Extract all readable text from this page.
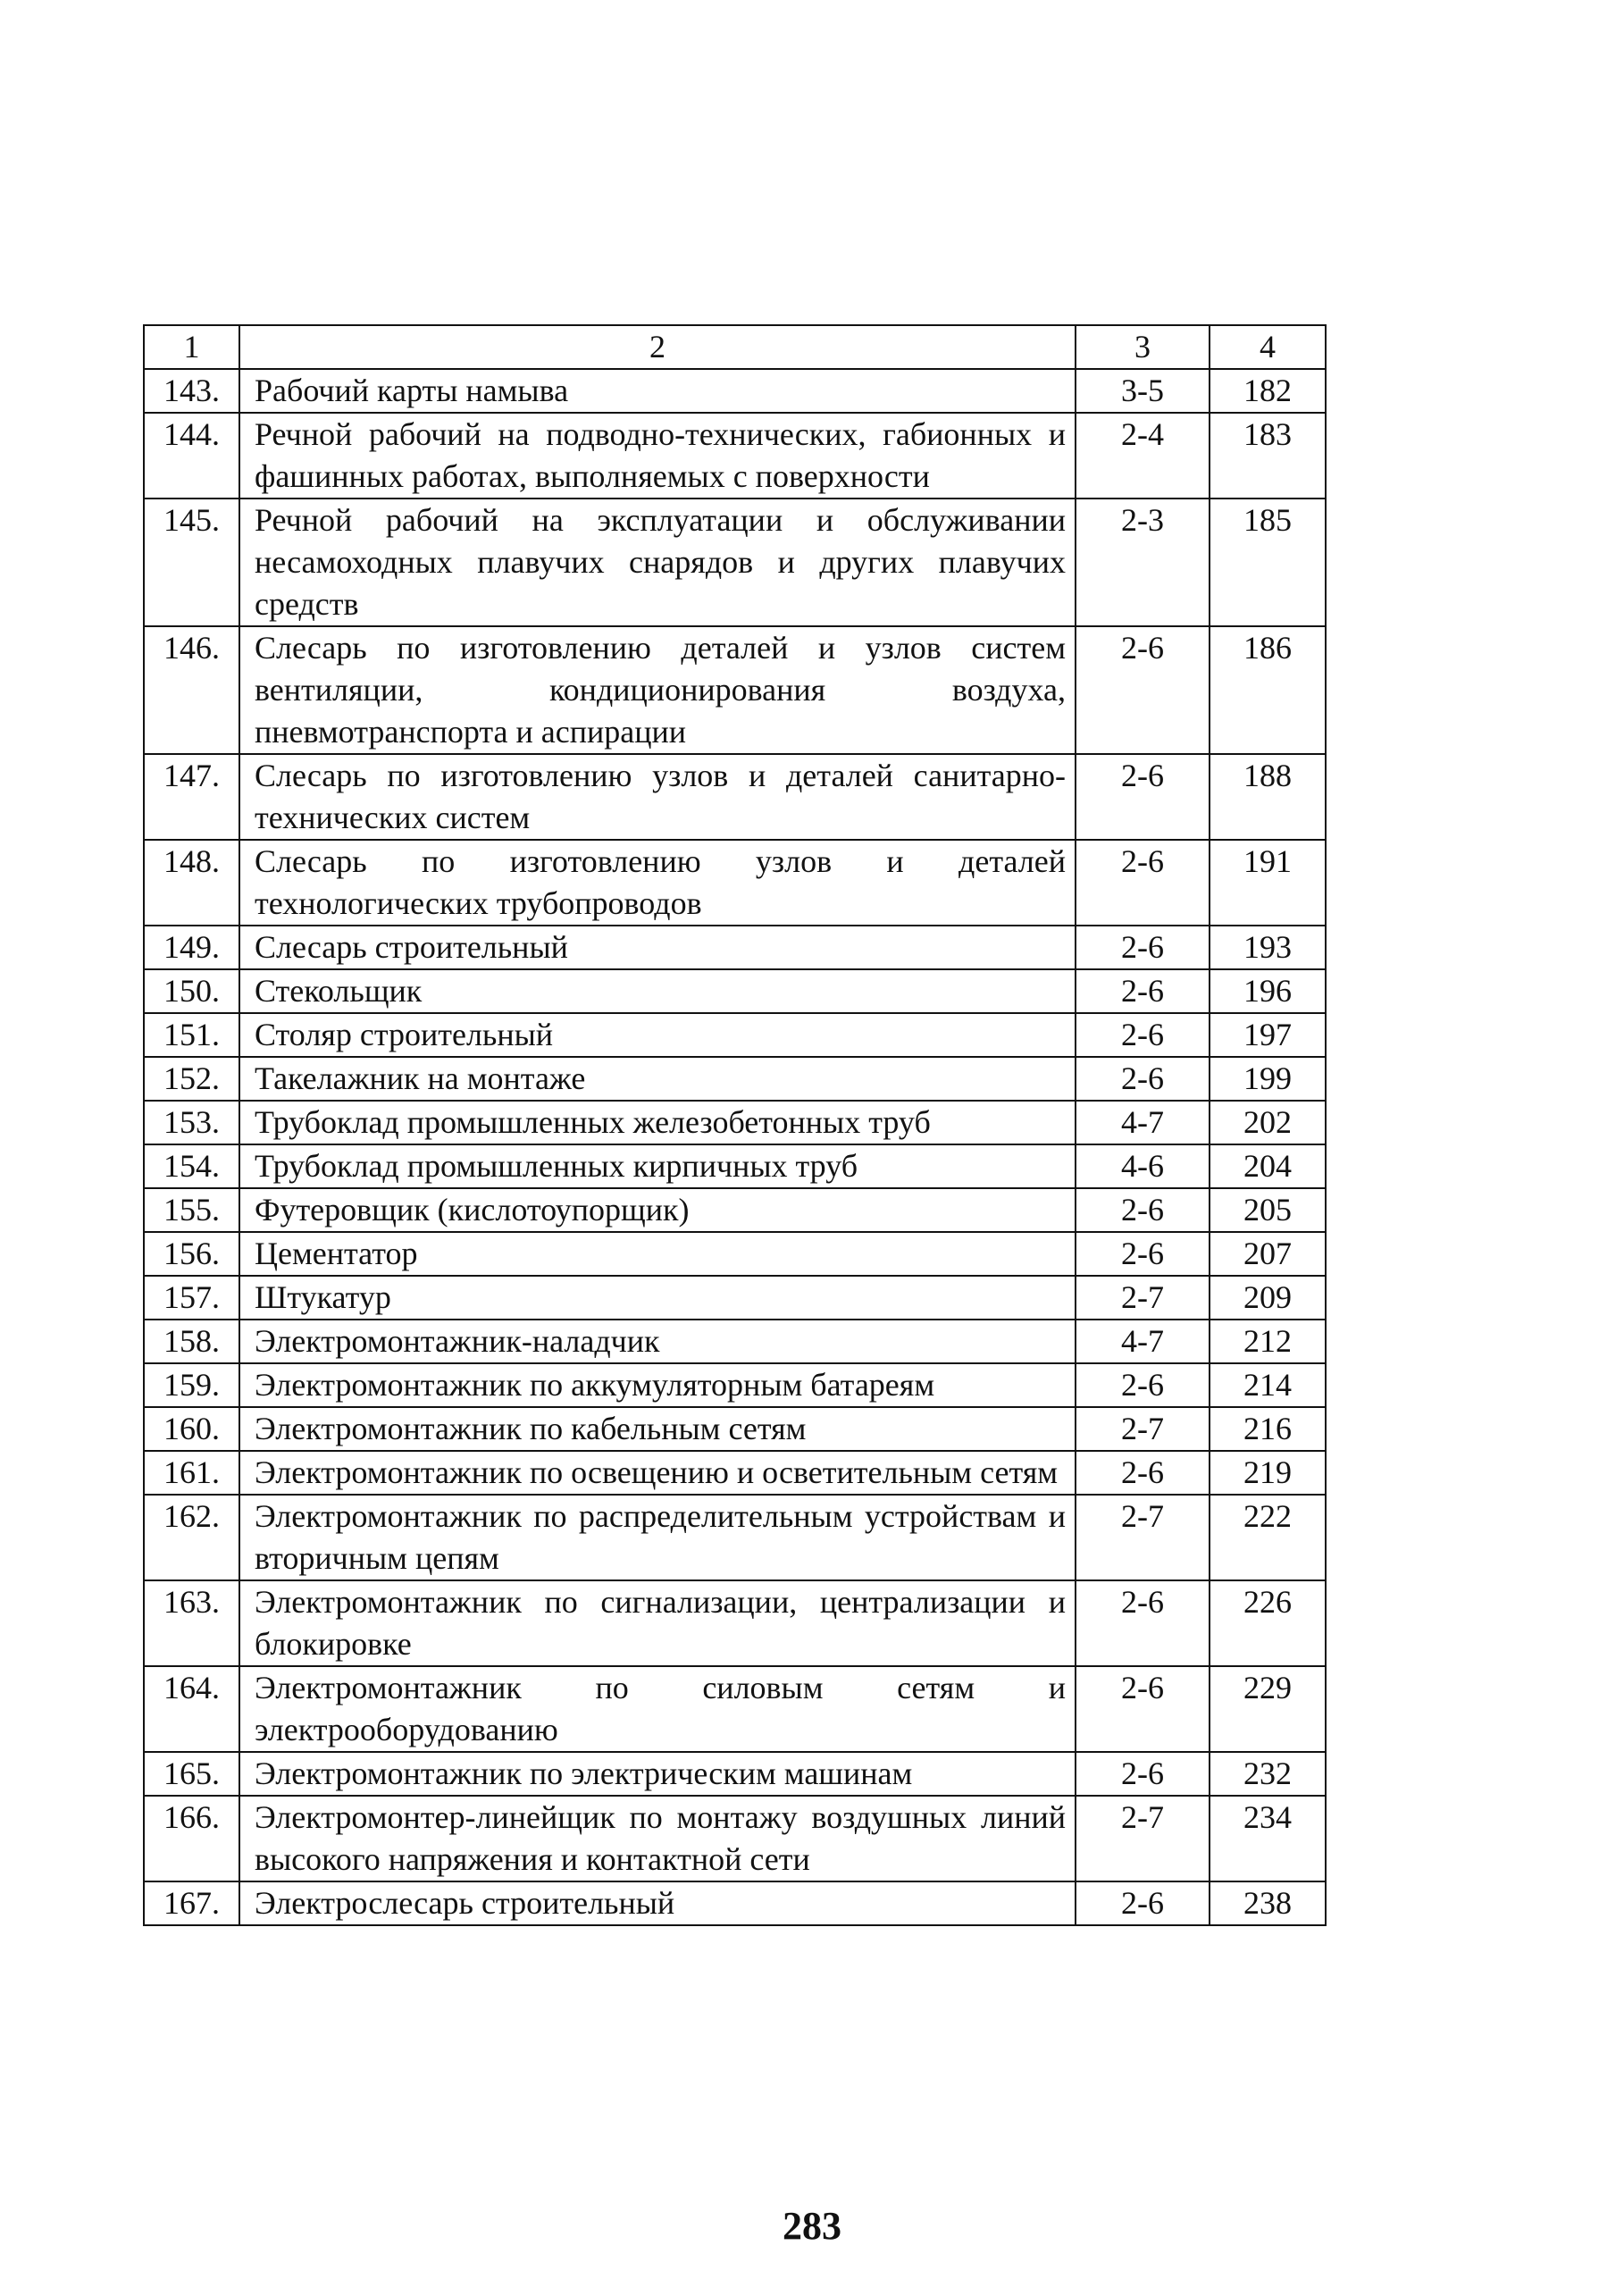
1	2	3	4
143.	Рабочий карты намыва	3-5	182
144.	Речной рабочий на подводно-технических, габионных и фашинных работах, выполняемых с поверхности	2-4	183
145.	Речной рабочий на эксплуатации и обслуживании несамоходных плавучих снарядов и других плавучих средств	2-3	185
146.	Слесарь по изготовлению деталей и узлов систем вентиляции, кондиционирования воздуха, пневмотранспорта и аспирации	2-6	186
147.	Слесарь по изготовлению узлов и деталей санитарно-технических систем	2-6	188
148.	Слесарь по изготовлению узлов и деталей технологических трубопроводов	2-6	191
149.	Слесарь строительный	2-6	193
150.	Стекольщик	2-6	196
151.	Столяр строительный	2-6	197
152.	Такелажник на монтаже	2-6	199
153.	Трубоклад промышленных железобетонных труб	4-7	202
154.	Трубоклад промышленных кирпичных труб	4-6	204
155.	Футеровщик (кислотоупорщик)	2-6	205
156.	Цементатор	2-6	207
157.	Штукатур	2-7	209
158.	Электромонтажник-наладчик	4-7	212
159.	Электромонтажник по аккумуляторным батареям	2-6	214
160.	Электромонтажник по кабельным сетям	2-7	216
161.	Электромонтажник по освещению и осветительным сетям	2-6	219
162.	Электромонтажник по распределительным устройствам и вторичным цепям	2-7	222
163.	Электромонтажник по сигнализации, централизации и блокировке	2-6	226
164.	Электромонтажник по силовым сетям и электрооборудованию	2-6	229
165.	Электромонтажник по электрическим машинам	2-6	232
166.	Электромонтер-линейщик по монтажу воздушных линий высокого напряжения и контактной сети	2-7	234
167.	Электрослесарь строительный	2-6	238
283
